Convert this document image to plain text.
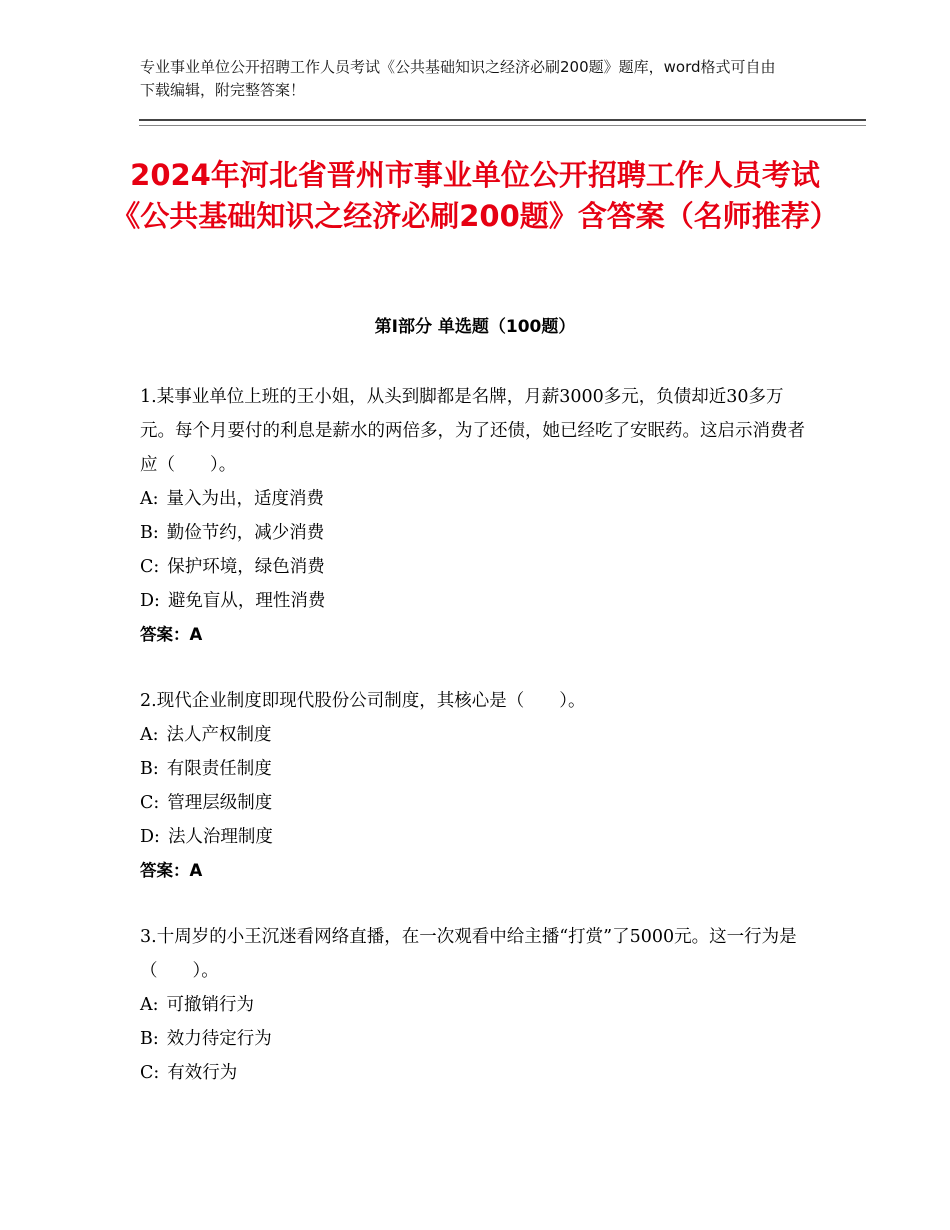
专业事业单位公开招聘工作人员考试《公共基础知识之经济必刷200题》题库，word格式可自由下载编辑，附完整答案！
2024年河北省晋州市事业单位公开招聘工作人员考试《公共基础知识之经济必刷200题》含答案（名师推荐）
第Ⅰ部分 单选题（100题）

1.某事业单位上班的王小姐，从头到脚都是名牌，月薪3000多元，负债却近30多万元。每个月要付的利息是薪水的两倍多，为了还债，她已经吃了安眠药。这启示消费者应（　　）。

A: 量入为出，适度消费

B: 勤俭节约，减少消费

C: 保护环境，绿色消费

D: 避免盲从，理性消费

答案：A

2.现代企业制度即现代股份公司制度，其核心是（　　）。

A: 法人产权制度

B: 有限责任制度

C: 管理层级制度

D: 法人治理制度

答案：A

3.十周岁的小王沉迷看网络直播，在一次观看中给主播“打赏”了5000元。这一行为是（　　）。

A: 可撤销行为

B: 效力待定行为

C: 有效行为
